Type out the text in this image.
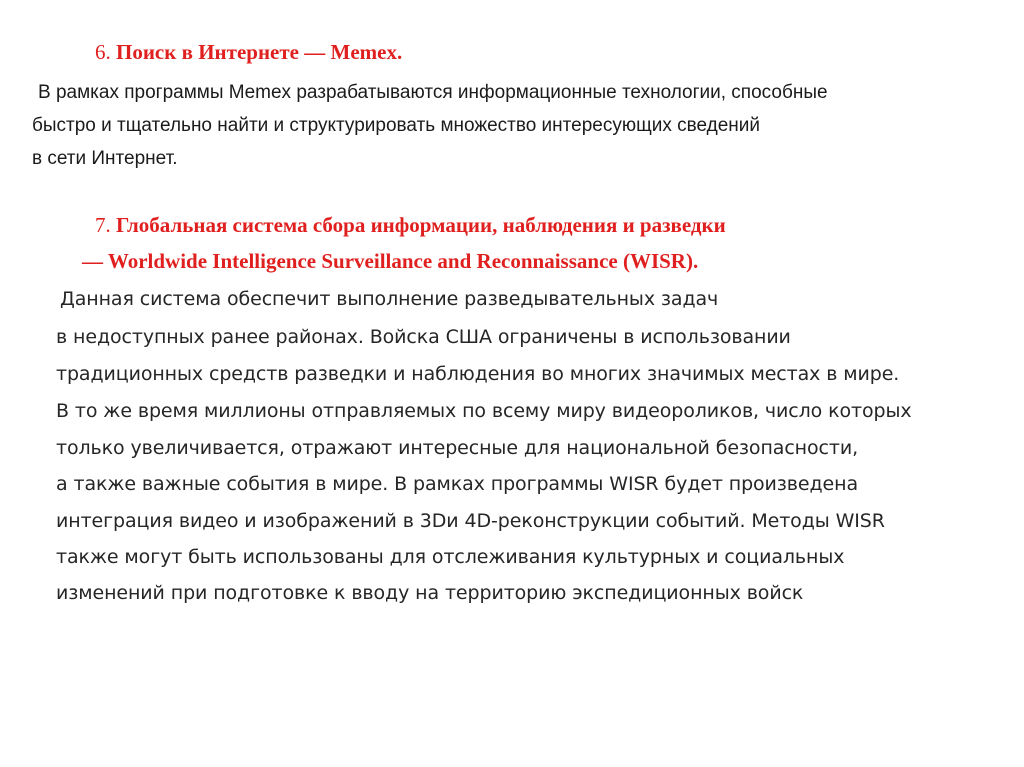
6. Поиск в Интернете — Memex.
В рамках программы Memex разрабатываются информационные технологии, способные
быстро и тщательно найти и структурировать множество интересующих сведений
в сети Интернет.
7. Глобальная система сбора информации, наблюдения и разведки
— Worldwide Intelligence Surveillance and Reconnaissance (WISR).
Данная система обеспечит выполнение разведывательных задач
в недоступных ранее районах. Войска США ограничены в использовании
традиционных средств разведки и наблюдения во многих значимых местах в мире.
В то же время миллионы отправляемых по всему миру видеороликов, число которых
только увеличивается, отражают интересные для национальной безопасности,
а также важные события в мире. В рамках программы WISR будет произведена
интеграция видео и изображений в 3Dи 4D-реконструкции событий. Методы WISR
также могут быть использованы для отслеживания культурных и социальных
изменений при подготовке к вводу на территорию экспедиционных войск
